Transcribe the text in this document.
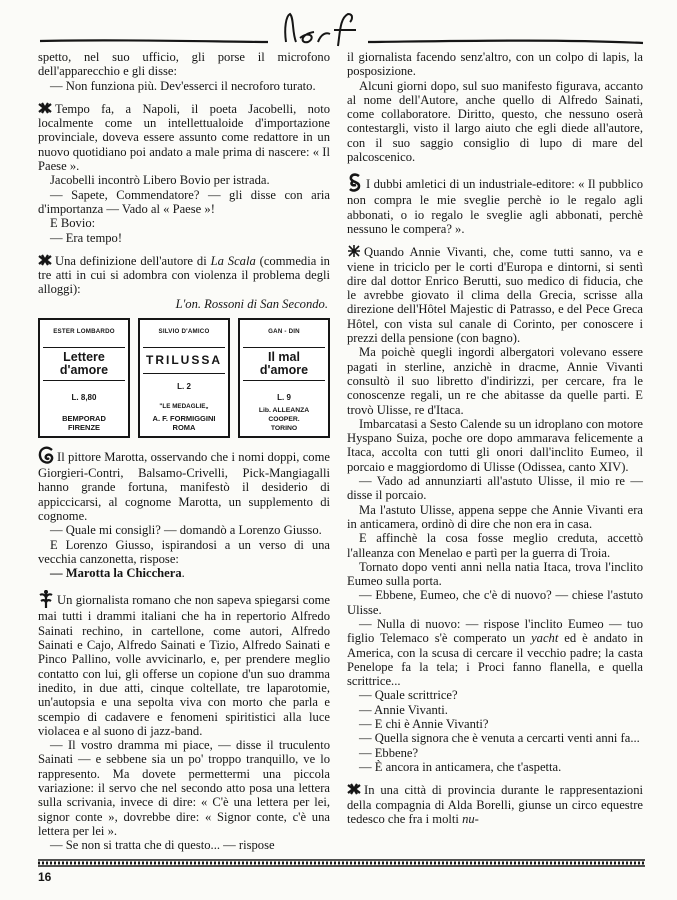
lgrf

spetto, nel suo ufficio, gli porse il microfono dell'apparecchio e gli disse:

— Non funziona più. Dev'esserci il necroforo turato.

Tempo fa, a Napoli, il poeta Jacobelli, noto localmente come un intellettualoide d'importazione provinciale, doveva essere assunto come redattore in un nuovo quotidiano poi andato a male prima di nascere: « Il Paese ».

Jacobelli incontrò Libero Bovio per istrada.

— Sapete, Commendatore? — gli disse con aria d'importanza — Vado al « Paese »!

E Bovio:

— Era tempo!

Una definizione dell'autore di La Scala (commedia in tre atti in cui si adombra con violenza il problema degli alloggi):

L'on. Rossoni di San Secondo.

ESTER LOMBARDO
Lettere d'amore
L. 8,80
BEMPORAD
FIRENZE
SILVIO D'AMICO
TRILUSSA
L. 2
"LE MEDAGLIE„
A. F. FORMIGGINI
ROMA
GAN - DIN
Il mal d'amore
L. 9
Lib. ALLEANZA COOPER.
TORINO

Il pittore Marotta, osservando che i nomi doppi, come Giorgieri-Contri, Balsamo-Crivelli, Pick-Mangiagalli hanno grande fortuna, manifestò il desiderio di appiccicarsi, al cognome Marotta, un supplemento di cognome.

— Quale mi consigli? — domandò a Lorenzo Giusso.

E Lorenzo Giusso, ispirandosi a un verso di una vecchia canzonetta, rispose:

— Marotta la Chicchera.

Un giornalista romano che non sapeva spiegarsi come mai tutti i drammi italiani che ha in repertorio Alfredo Sainati rechino, in cartellone, come autori, Alfredo Sainati e Cajo, Alfredo Sainati e Tizio, Alfredo Sainati e Pinco Pallino, volle avvicinarlo, e, per prendere meglio contatto con lui, gli offerse un copione d'un suo dramma inedito, in due atti, cinque coltellate, tre laparotomie, un'autopsia e una sepolta viva con morto che parla e scempio di cadavere e fenomeni spiritistici alla luce violacea e al suono di jazz-band.

— Il vostro dramma mi piace, — disse il truculento Sainati — e sebbene sia un po' troppo tranquillo, ve lo rappresento. Ma dovete permettermi una piccola variazione: il servo che nel secondo atto posa una lettera sulla scrivania, invece di dire: « C'è una lettera per lei, signor conte », dovrebbe dire: « Signor conte, c'è una lettera per lei ».

— Se non si tratta che di questo... — rispose

il giornalista facendo senz'altro, con un colpo di lapis, la posposizione.

Alcuni giorni dopo, sul suo manifesto figurava, accanto al nome dell'Autore, anche quello di Alfredo Sainati, come collaboratore. Diritto, questo, che nessuno oserà contestargli, visto il largo aiuto che egli diede all'autore, con il suo saggio consiglio di lupo di mare del palcoscenico.

I dubbi amletici di un industriale-editore: « Il pubblico non compra le mie sveglie perchè io le regalo agli abbonati, o io regalo le sveglie agli abbonati, perchè nessuno le compera? ».

Quando Annie Vivanti, che, come tutti sanno, va e viene in triciclo per le corti d'Europa e dintorni, si sentì dire dal dottor Enrico Berutti, suo medico di fiducia, che le avrebbe giovato il clima della Grecia, scrisse alla direzione dell'Hôtel Majestic di Patrasso, e del Pece Greca Hôtel, con vista sul canale di Corinto, per conoscere i prezzi della pensione (con bagno).

Ma poichè quegli ingordi albergatori volevano essere pagati in sterline, anzichè in dracme, Annie Vivanti consultò il suo libretto d'indirizzi, per cercare, fra le conoscenze regali, un re che abitasse da quelle parti. E trovò Ulisse, re d'Itaca.

Imbarcatasi a Sesto Calende su un idroplano con motore Hyspano Suiza, poche ore dopo ammarava felicemente a Itaca, accolta con tutti gli onori dall'inclito Eumeo, il porcaio e maggiordomo di Ulisse (Odissea, canto XIV).

— Vado ad annunziarti all'astuto Ulisse, il mio re — disse il porcaio.

Ma l'astuto Ulisse, appena seppe che Annie Vivanti era in anticamera, ordinò di dire che non era in casa.

E affinchè la cosa fosse meglio creduta, accettò l'alleanza con Menelao e partì per la guerra di Troia.

Tornato dopo venti anni nella natia Itaca, trova l'inclito Eumeo sulla porta.

— Ebbene, Eumeo, che c'è di nuovo? — chiese l'astuto Ulisse.

— Nulla di nuovo: — rispose l'inclito Eumeo — tuo figlio Telemaco s'è comperato un yacht ed è andato in America, con la scusa di cercare il vecchio padre; la casta Penelope fa la tela; i Proci fanno flanella, e quella scrittrice...

— Quale scrittrice?

— Annie Vivanti.

— E chi è Annie Vivanti?

— Quella signora che è venuta a cercarti venti anni fa...

— Ebbene?

— È ancora in anticamera, che t'aspetta.

In una città di provincia durante le rappresentazioni della compagnia di Alda Borelli, giunse un circo equestre tedesco che fra i molti nu-

16
